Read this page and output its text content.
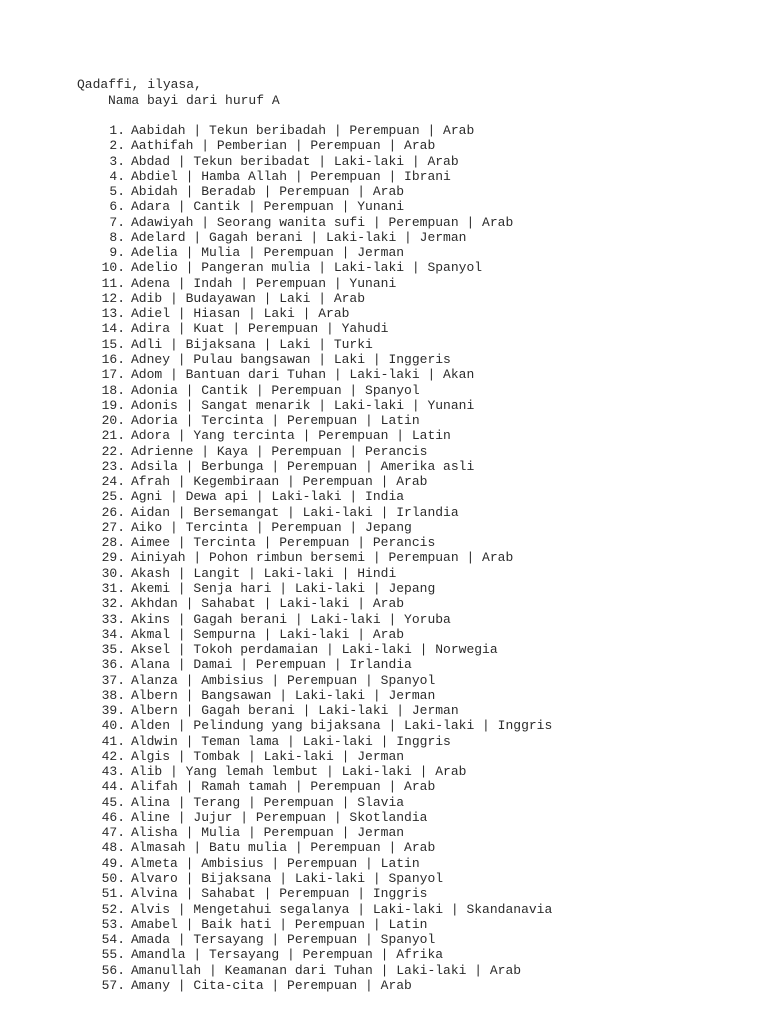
Qadaffi, ilyasa,
Nama bayi dari huruf A
1. Aabidah | Tekun beribadah | Perempuan | Arab
2. Aathifah | Pemberian | Perempuan | Arab
3. Abdad | Tekun beribadat | Laki-laki | Arab
4. Abdiel | Hamba Allah | Perempuan | Ibrani
5. Abidah | Beradab | Perempuan | Arab
6. Adara | Cantik | Perempuan | Yunani
7. Adawiyah | Seorang wanita sufi | Perempuan | Arab
8. Adelard | Gagah berani | Laki-laki | Jerman
9. Adelia | Mulia | Perempuan | Jerman
10. Adelio | Pangeran mulia | Laki-laki | Spanyol
11. Adena | Indah | Perempuan | Yunani
12. Adib | Budayawan | Laki | Arab
13. Adiel | Hiasan | Laki | Arab
14. Adira | Kuat | Perempuan | Yahudi
15. Adli | Bijaksana | Laki | Turki
16. Adney | Pulau bangsawan | Laki | Inggeris
17. Adom | Bantuan dari Tuhan | Laki-laki | Akan
18. Adonia | Cantik | Perempuan | Spanyol
19. Adonis | Sangat menarik | Laki-laki | Yunani
20. Adoria | Tercinta | Perempuan | Latin
21. Adora | Yang tercinta | Perempuan | Latin
22. Adrienne | Kaya | Perempuan | Perancis
23. Adsila | Berbunga | Perempuan | Amerika asli
24. Afrah | Kegembiraan | Perempuan | Arab
25. Agni | Dewa api | Laki-laki | India
26. Aidan | Bersemangat | Laki-laki | Irlandia
27. Aiko | Tercinta | Perempuan | Jepang
28. Aimee | Tercinta | Perempuan | Perancis
29. Ainiyah | Pohon rimbun bersemi | Perempuan | Arab
30. Akash | Langit | Laki-laki | Hindi
31. Akemi | Senja hari | Laki-laki | Jepang
32. Akhdan | Sahabat | Laki-laki | Arab
33. Akins | Gagah berani | Laki-laki | Yoruba
34. Akmal | Sempurna | Laki-laki | Arab
35. Aksel | Tokoh perdamaian | Laki-laki | Norwegia
36. Alana | Damai | Perempuan | Irlandia
37. Alanza | Ambisius | Perempuan | Spanyol
38. Albern | Bangsawan | Laki-laki | Jerman
39. Albern | Gagah berani | Laki-laki | Jerman
40. Alden | Pelindung yang bijaksana | Laki-laki | Inggris
41. Aldwin | Teman lama | Laki-laki | Inggris
42. Algis | Tombak | Laki-laki | Jerman
43. Alib | Yang lemah lembut | Laki-laki | Arab
44. Alifah | Ramah tamah | Perempuan | Arab
45. Alina | Terang | Perempuan | Slavia
46. Aline | Jujur | Perempuan | Skotlandia
47. Alisha | Mulia | Perempuan | Jerman
48. Almasah | Batu mulia | Perempuan | Arab
49. Almeta | Ambisius | Perempuan | Latin
50. Alvaro | Bijaksana | Laki-laki | Spanyol
51. Alvina | Sahabat | Perempuan | Inggris
52. Alvis | Mengetahui segalanya | Laki-laki | Skandanavia
53. Amabel | Baik hati | Perempuan | Latin
54. Amada | Tersayang | Perempuan | Spanyol
55. Amandla | Tersayang | Perempuan | Afrika
56. Amanullah | Keamanan dari Tuhan | Laki-laki | Arab
57. Amany | Cita-cita | Perempuan | Arab
